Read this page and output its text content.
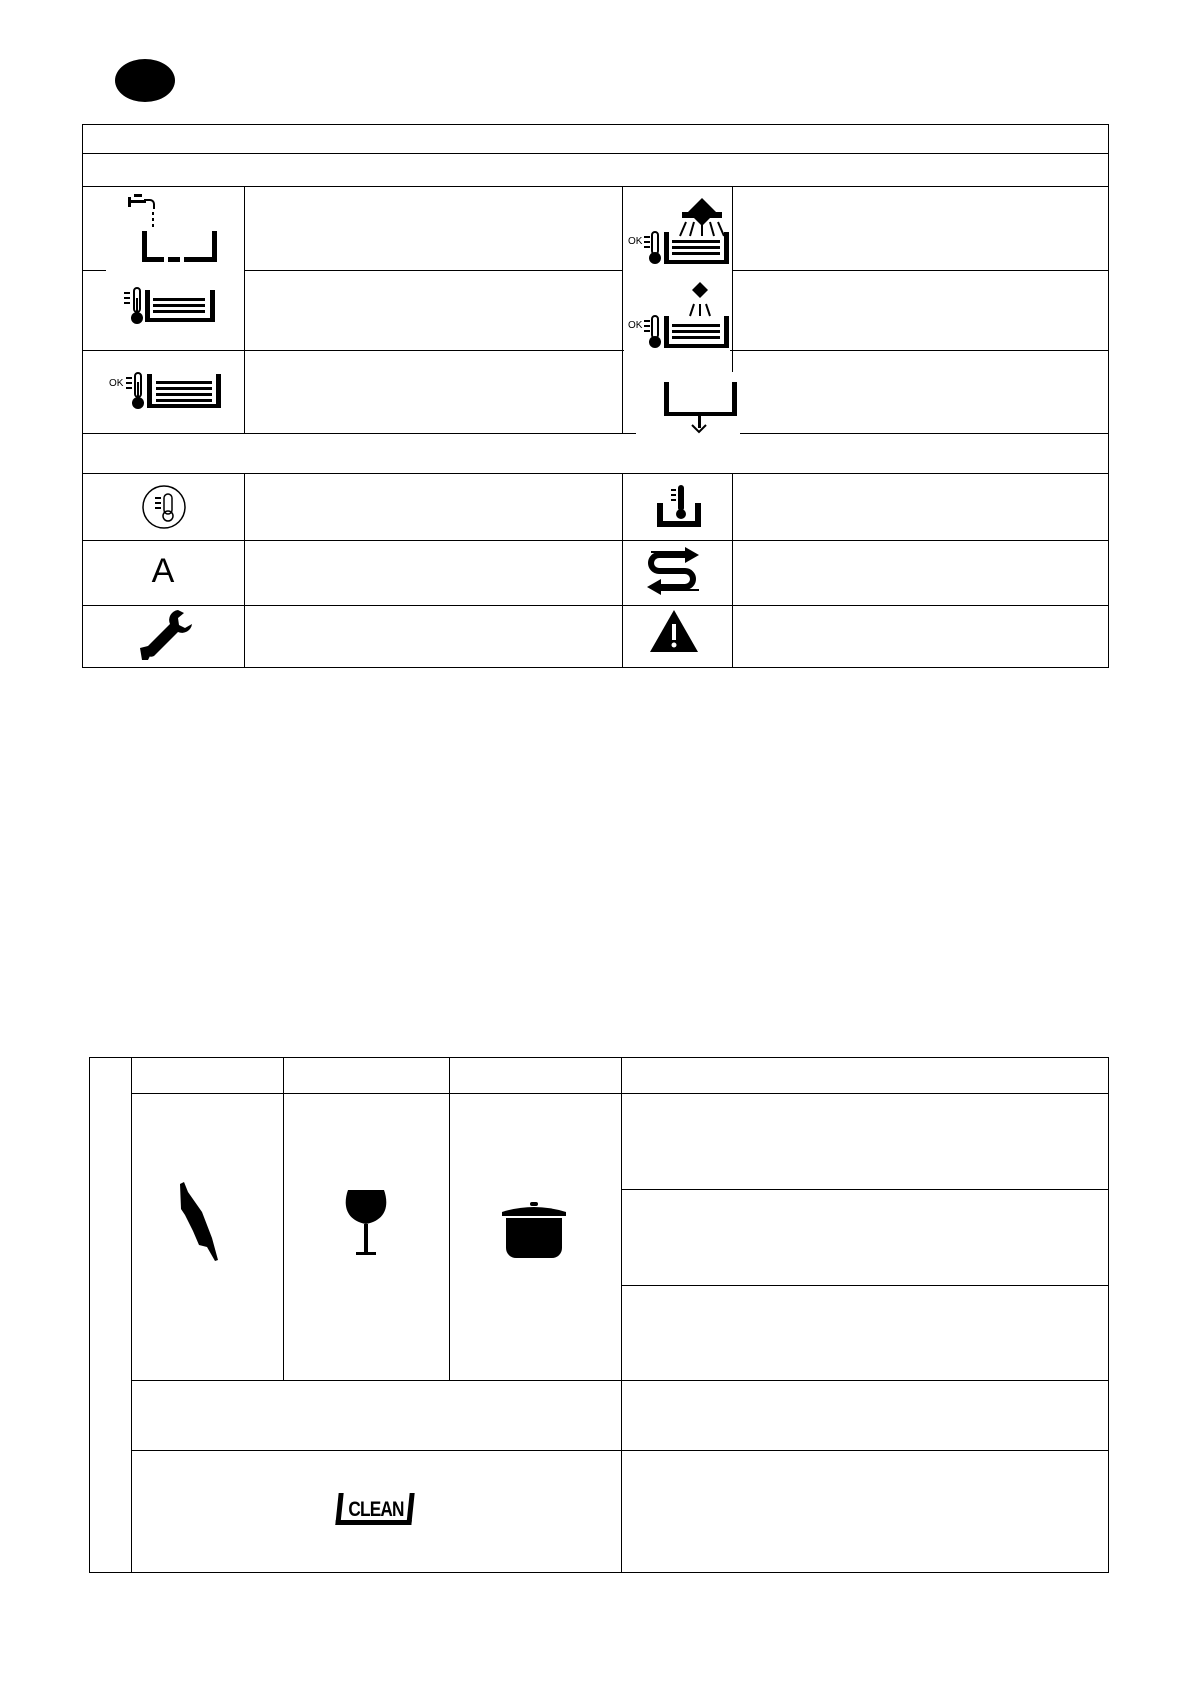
OK
OK
OK
A
CLEAN
